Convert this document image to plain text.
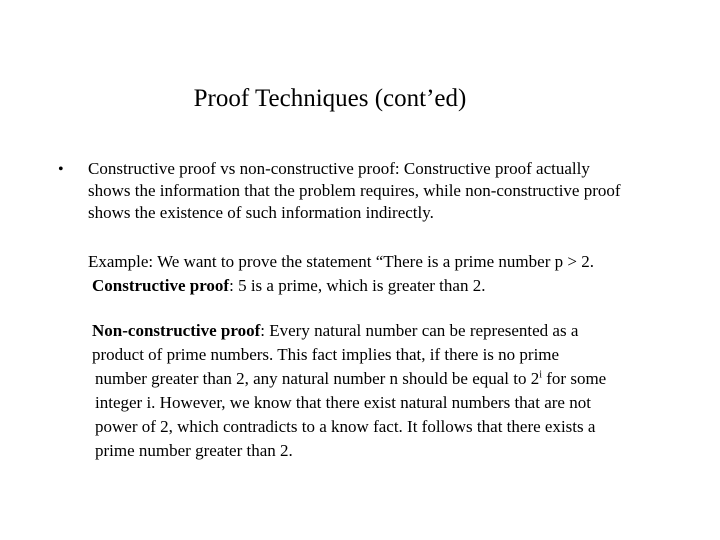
Proof Techniques (cont’ed)
• Constructive proof vs non-constructive proof: Constructive proof actually
shows the information that the problem requires, while non-constructive proof
shows the existence of such information indirectly.
Example: We want to prove the statement “There is a prime number p > 2.
Constructive proof: 5 is a prime, which is greater than 2.
Non-constructive proof: Every natural number can be represented as a
product of prime numbers. This fact implies that, if there is no prime
number greater than 2, any natural number n should be equal to 2$^i$ for some
integer i. However, we know that there exist natural numbers that are not
power of 2, which contradicts to a know fact. It follows that there exists a
prime number greater than 2.
